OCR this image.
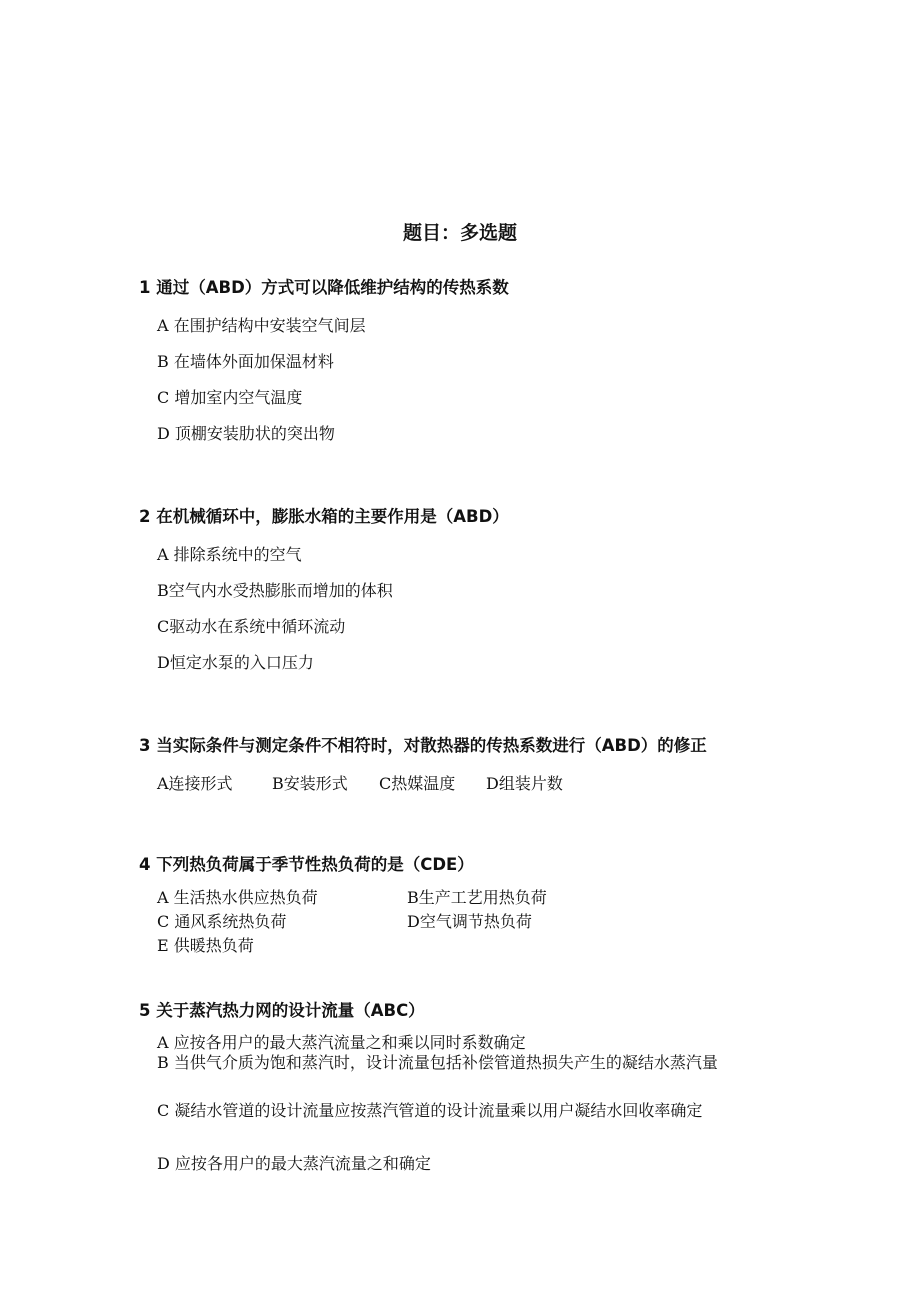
题目：多选题
1 通过（ABD）方式可以降低维护结构的传热系数
A 在围护结构中安装空气间层
B 在墙体外面加保温材料
C 增加室内空气温度
D 顶棚安装肋状的突出物
2 在机械循环中，膨胀水箱的主要作用是（ABD）
A 排除系统中的空气
B空气内水受热膨胀而增加的体积
C驱动水在系统中循环流动
D恒定水泵的入口压力
3 当实际条件与测定条件不相符时，对散热器的传热系数进行（ABD）的修正
A连接形式 B安装形式 C热媒温度 D组装片数
4 下列热负荷属于季节性热负荷的是（CDE）
A 生活热水供应热负荷	B生产工艺用热负荷
C 通风系统热负荷	D空气调节热负荷
E 供暖热负荷
5 关于蒸汽热力网的设计流量（ABC）
A 应按各用户的最大蒸汽流量之和乘以同时系数确定
B 当供气介质为饱和蒸汽时，设计流量包括补偿管道热损失产生的凝结水蒸汽量
C 凝结水管道的设计流量应按蒸汽管道的设计流量乘以用户凝结水回收率确定
D 应按各用户的最大蒸汽流量之和确定
